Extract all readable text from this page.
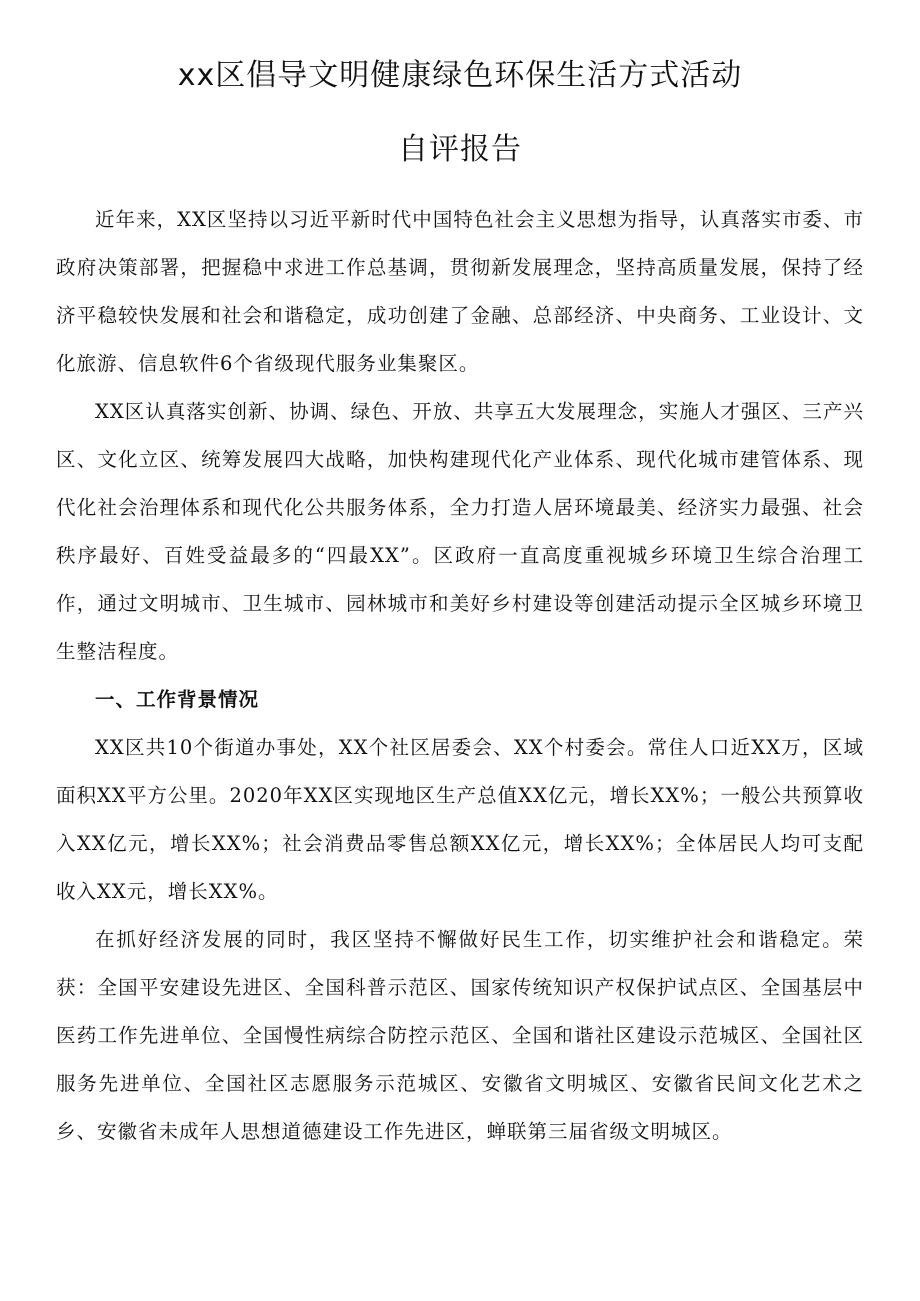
xx区倡导文明健康绿色环保生活方式活动
自评报告

近年来，XX区坚持以习近平新时代中国特色社会主义思想为指导，认真落实市委、市政府决策部署，把握稳中求进工作总基调，贯彻新发展理念，坚持高质量发展，保持了经济平稳较快发展和社会和谐稳定，成功创建了金融、总部经济、中央商务、工业设计、文化旅游、信息软件6个省级现代服务业集聚区。

XX区认真落实创新、协调、绿色、开放、共享五大发展理念，实施人才强区、三产兴区、文化立区、统筹发展四大战略，加快构建现代化产业体系、现代化城市建管体系、现代化社会治理体系和现代化公共服务体系，全力打造人居环境最美、经济实力最强、社会秩序最好、百姓受益最多的“四最XX”。区政府一直高度重视城乡环境卫生综合治理工作，通过文明城市、卫生城市、园林城市和美好乡村建设等创建活动提示全区城乡环境卫生整洁程度。

一、工作背景情况

XX区共10个街道办事处，XX个社区居委会、XX个村委会。常住人口近XX万，区域面积XX平方公里。2020年XX区实现地区生产总值XX亿元，增长XX%；一般公共预算收入XX亿元，增长XX%；社会消费品零售总额XX亿元，增长XX%；全体居民人均可支配收入XX元，增长XX%。

在抓好经济发展的同时，我区坚持不懈做好民生工作，切实维护社会和谐稳定。荣获：全国平安建设先进区、全国科普示范区、国家传统知识产权保护试点区、全国基层中医药工作先进单位、全国慢性病综合防控示范区、全国和谐社区建设示范城区、全国社区服务先进单位、全国社区志愿服务示范城区、安徽省文明城区、安徽省民间文化艺术之乡、安徽省未成年人思想道德建设工作先进区，蝉联第三届省级文明城区。
